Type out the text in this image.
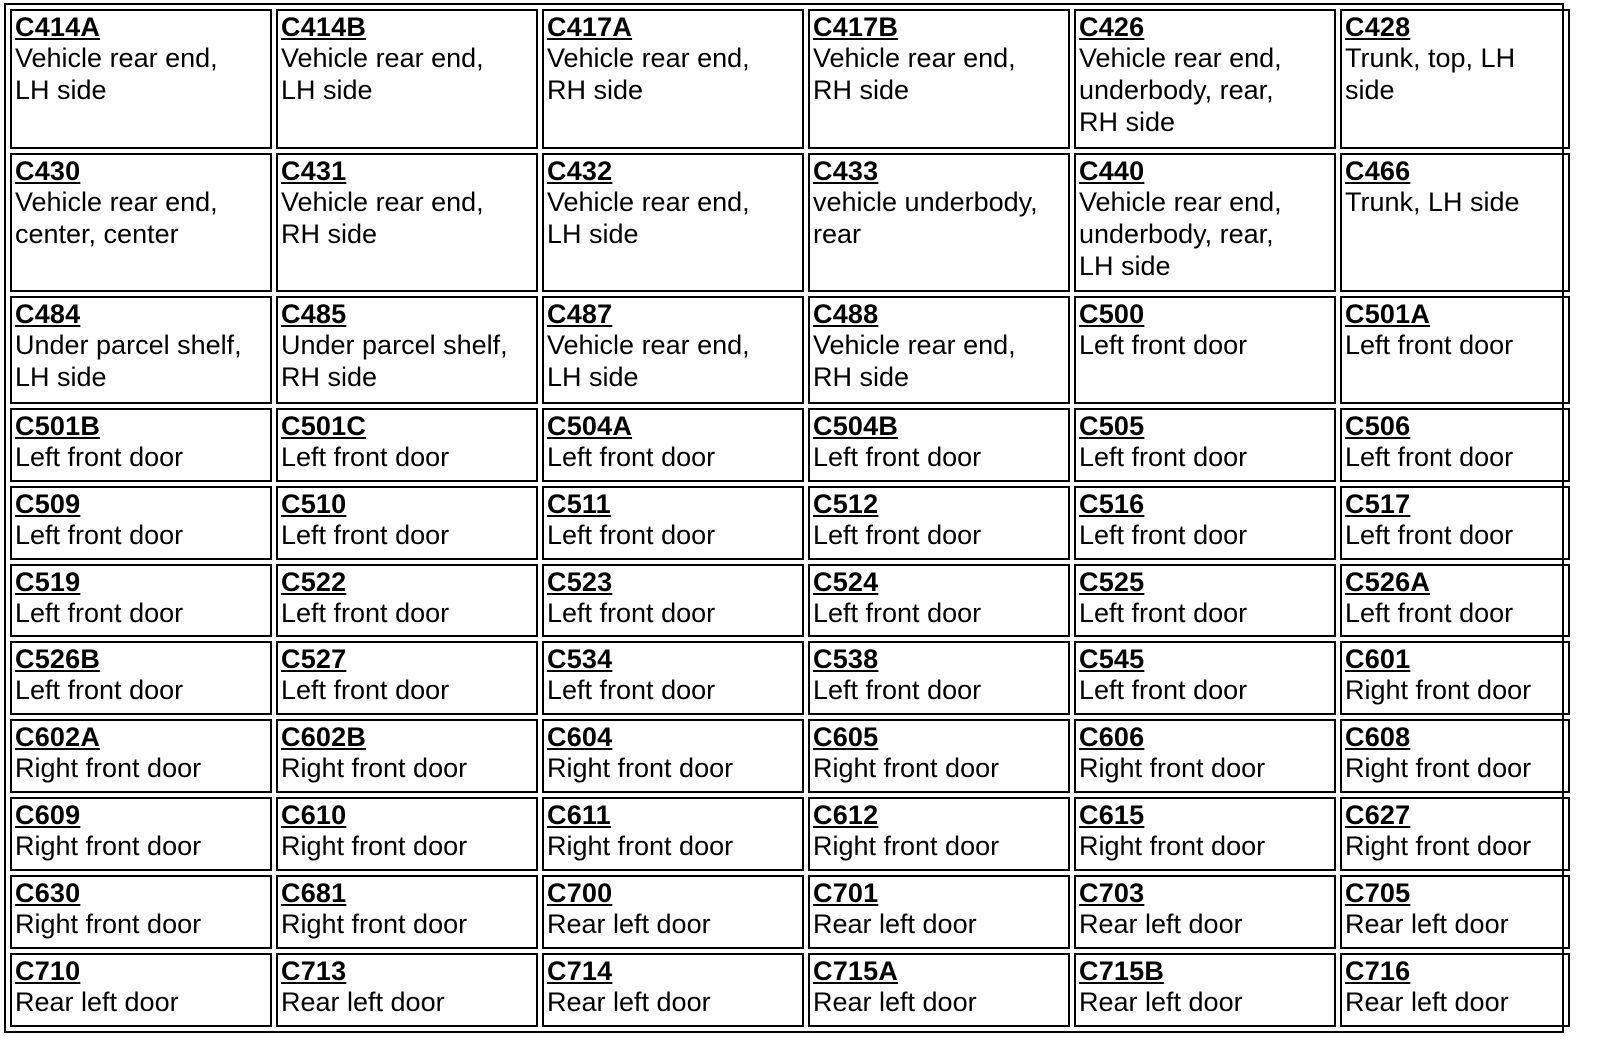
C414A
Vehicle rear end,
LH side	C414B
Vehicle rear end,
LH side	C417A
Vehicle rear end,
RH side	C417B
Vehicle rear end,
RH side	C426
Vehicle rear end,
underbody, rear,
RH side	C428
Trunk, top, LH
side

C430
Vehicle rear end,
center, center	C431
Vehicle rear end,
RH side	C432
Vehicle rear end,
LH side	C433
vehicle underbody,
rear	C440
Vehicle rear end,
underbody, rear,
LH side	C466
Trunk, LH side

C484
Under parcel shelf,
LH side	C485
Under parcel shelf,
RH side	C487
Vehicle rear end,
LH side	C488
Vehicle rear end,
RH side	C500
Left front door	C501A
Left front door

C501B
Left front door	C501C
Left front door	C504A
Left front door	C504B
Left front door	C505
Left front door	C506
Left front door

C509
Left front door	C510
Left front door	C511
Left front door	C512
Left front door	C516
Left front door	C517
Left front door

C519
Left front door	C522
Left front door	C523
Left front door	C524
Left front door	C525
Left front door	C526A
Left front door

C526B
Left front door	C527
Left front door	C534
Left front door	C538
Left front door	C545
Left front door	C601
Right front door

C602A
Right front door	C602B
Right front door	C604
Right front door	C605
Right front door	C606
Right front door	C608
Right front door

C609
Right front door	C610
Right front door	C611
Right front door	C612
Right front door	C615
Right front door	C627
Right front door

C630
Right front door	C681
Right front door	C700
Rear left door	C701
Rear left door	C703
Rear left door	C705
Rear left door

C710
Rear left door	C713
Rear left door	C714
Rear left door	C715A
Rear left door	C715B
Rear left door	C716
Rear left door
